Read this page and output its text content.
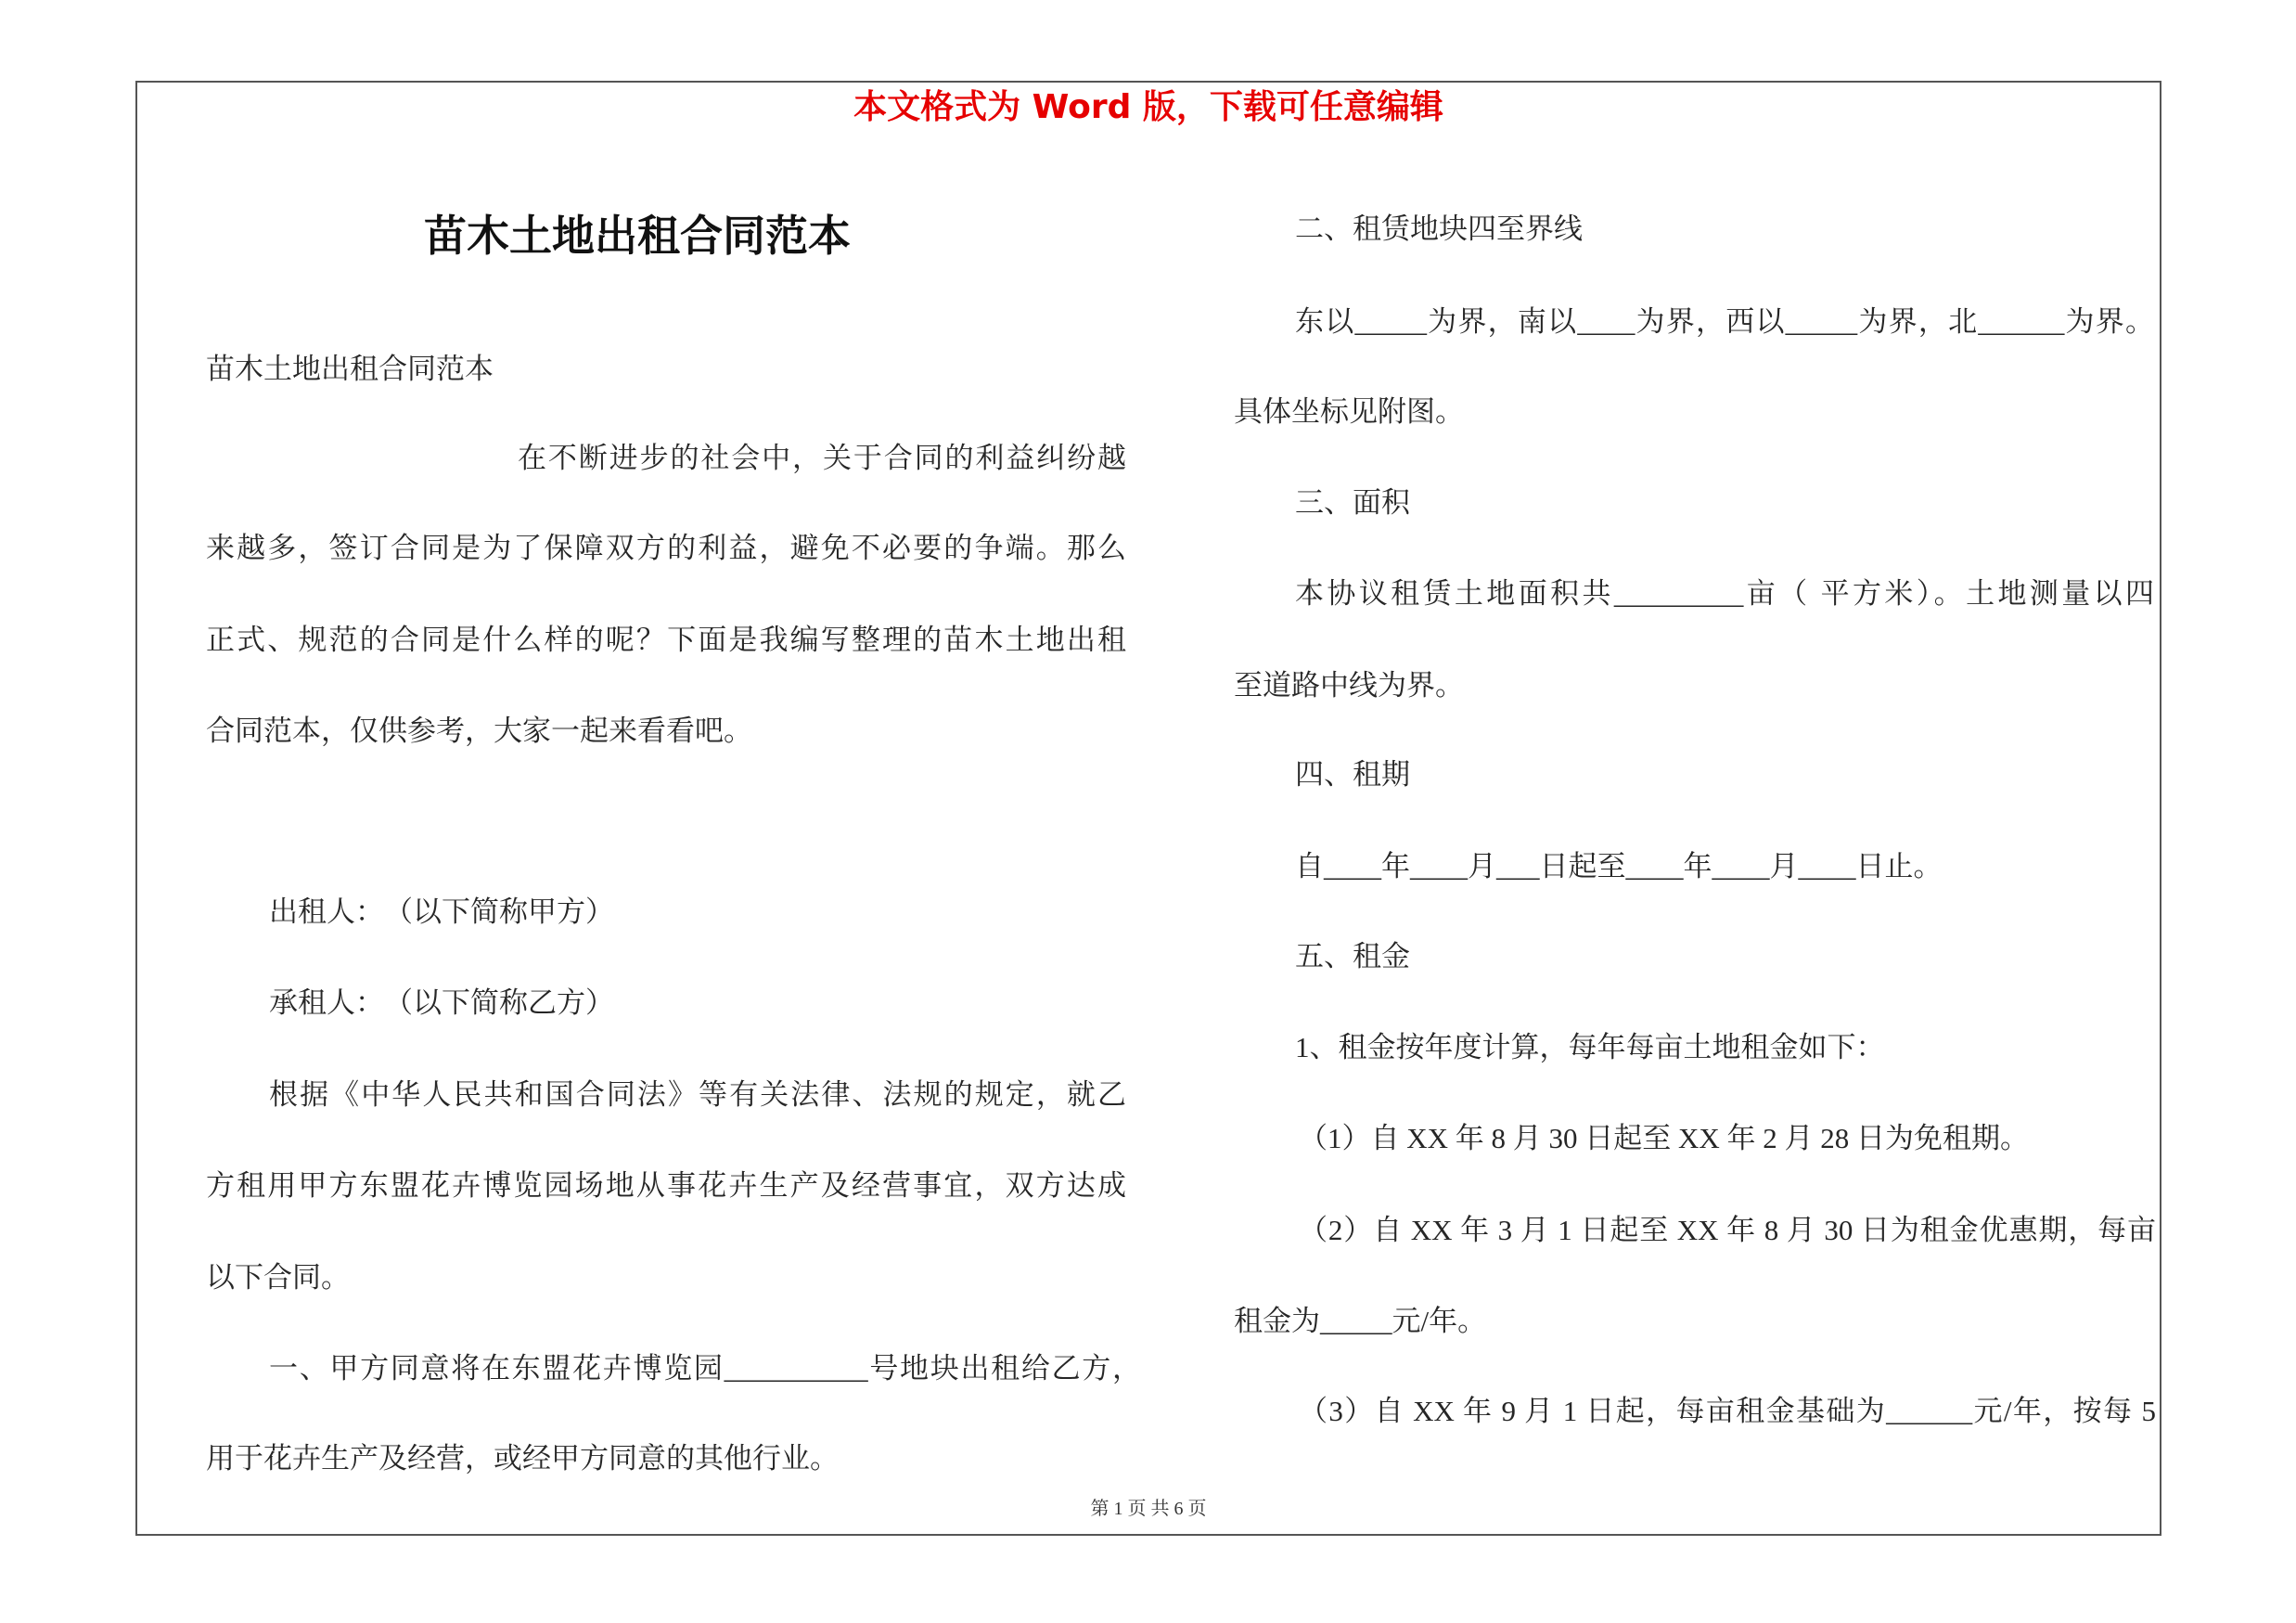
本文格式为 Word 版，下载可任意编辑
苗木土地出租合同范本
苗木土地出租合同范本
在不断进步的社会中，关于合同的利益纠纷越
来越多，签订合同是为了保障双方的利益，避免不必要的争端。那么
正式、规范的合同是什么样的呢？下面是我编写整理的苗木土地出租
合同范本，仅供参考，大家一起来看看吧。
出租人：　（以下简称甲方）
承租人：　（以下简称乙方）
根据《中华人民共和国合同法》等有关法律、法规的规定，就乙
方租用甲方东盟花卉博览园场地从事花卉生产及经营事宜，双方达成
以下合同。
一、甲方同意将在东盟花卉博览园__________号地块出租给乙方，
用于花卉生产及经营，或经甲方同意的其他行业。
二、租赁地块四至界线
东以_____为界，南以____为界，西以_____为界，北______为界。
具体坐标见附图。
三、面积
本协议租赁土地面积共_________亩（ 平方米）。土地测量以四
至道路中线为界。
四、租期
自____年____月___日起至____年____月____日止。
五、租金
1、租金按年度计算，每年每亩土地租金如下：
（1）自 XX 年 8 月 30 日起至 XX 年 2 月 28 日为免租期。
（2）自 XX 年 3 月 1 日起至 XX 年 8 月 30 日为租金优惠期，每亩
租金为_____元/年。
（3）自 XX 年 9 月 1 日起，每亩租金基础为______元/年，按每 5
第 1 页 共 6 页
